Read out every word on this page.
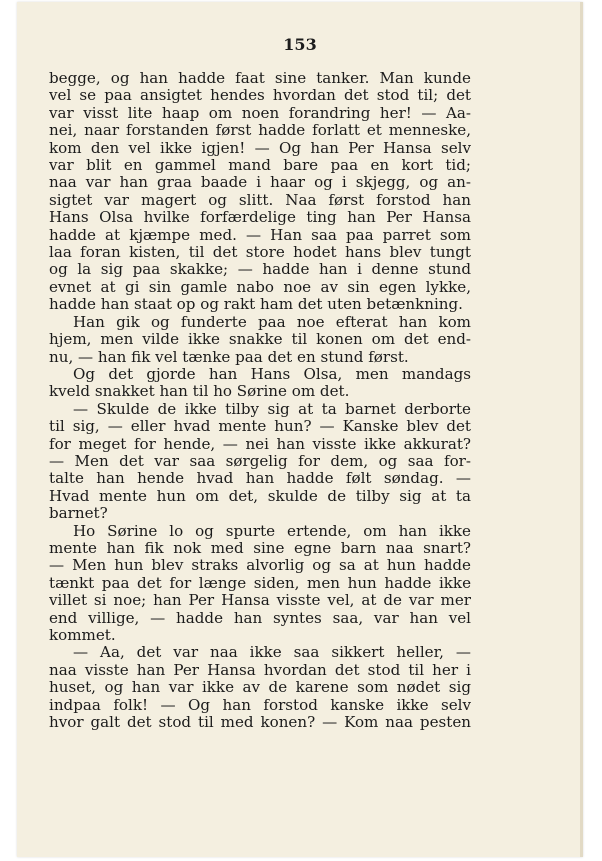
153

begge, og han hadde faat sine tanker. Man kunde
vel se paa ansigtet hendes hvordan det stod til; det
var visst lite haap om noen forandring her! — Aa-
nei, naar forstanden først hadde forlatt et menneske,
kom den vel ikke igjen! — Og han Per Hansa selv
var blit en gammel mand bare paa en kort tid;
naa var han graa baade i haar og i skjegg, og an-
sigtet var magert og slitt. Naa først forstod han
Hans Olsa hvilke forfærdelige ting han Per Hansa
hadde at kjæmpe med. — Han saa paa parret som
laa foran kisten, til det store hodet hans blev tungt
og la sig paa skakke; — hadde han i denne stund
evnet at gi sin gamle nabo noe av sin egen lykke,
hadde han staat op og rakt ham det uten betænkning.
Han gik og funderte paa noe efterat han kom
hjem, men vilde ikke snakke til konen om det end-
nu, — han fik vel tænke paa det en stund først.
Og det gjorde han Hans Olsa, men mandags
kveld snakket han til ho Sørine om det.
— Skulde de ikke tilby sig at ta barnet derborte
til sig, — eller hvad mente hun? — Kanske blev det
for meget for hende, — nei han visste ikke akkurat?
— Men det var saa sørgelig for dem, og saa for-
talte han hende hvad han hadde følt søndag. —
Hvad mente hun om det, skulde de tilby sig at ta
barnet?
Ho Sørine lo og spurte ertende, om han ikke
mente han fik nok med sine egne barn naa snart?
— Men hun blev straks alvorlig og sa at hun hadde
tænkt paa det for længe siden, men hun hadde ikke
villet si noe; han Per Hansa visste vel, at de var mer
end villige, — hadde han syntes saa, var han vel
kommet.
— Aa, det var naa ikke saa sikkert heller, —
naa visste han Per Hansa hvordan det stod til her i
huset, og han var ikke av de karene som nødet sig
indpaa folk! — Og han forstod kanske ikke selv
hvor galt det stod til med konen? — Kom naa pesten
